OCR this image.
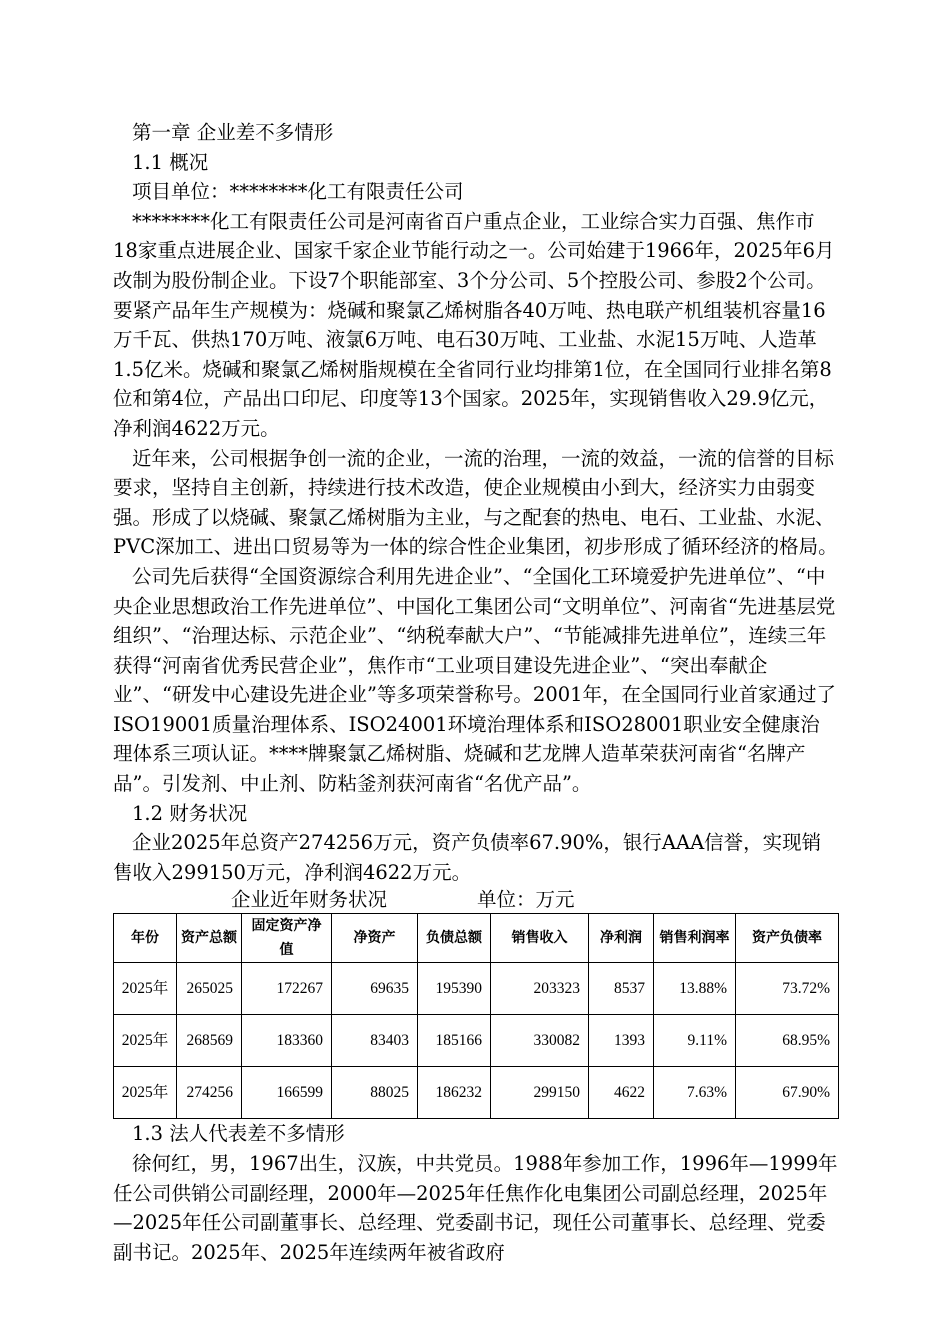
第一章 企业差不多情形

1.1 概况

项目单位：********化工有限责任公司

********化工有限责任公司是河南省百户重点企业，工业综合实力百强、焦作市18家重点进展企业、国家千家企业节能行动之一。公司始建于1966年，2025年6月改制为股份制企业。下设7个职能部室、3个分公司、5个控股公司、参股2个公司。要紧产品年生产规模为：烧碱和聚氯乙烯树脂各40万吨、热电联产机组装机容量16万千瓦、供热170万吨、液氯6万吨、电石30万吨、工业盐、水泥15万吨、人造革1.5亿米。烧碱和聚氯乙烯树脂规模在全省同行业均排第1位，在全国同行业排名第8位和第4位，产品出口印尼、印度等13个国家。2025年，实现销售收入29.9亿元，净利润4622万元。

近年来，公司根据争创一流的企业，一流的治理，一流的效益，一流的信誉的目标要求，坚持自主创新，持续进行技术改造，使企业规模由小到大，经济实力由弱变强。形成了以烧碱、聚氯乙烯树脂为主业，与之配套的热电、电石、工业盐、水泥、PVC深加工、进出口贸易等为一体的综合性企业集团，初步形成了循环经济的格局。

公司先后获得“全国资源综合利用先进企业”、“全国化工环境爱护先进单位”、“中央企业思想政治工作先进单位”、中国化工集团公司“文明单位”、河南省“先进基层党组织”、“治理达标、示范企业”、“纳税奉献大户”、“节能减排先进单位”，连续三年获得“河南省优秀民营企业”，焦作市“工业项目建设先进企业”、“突出奉献企业”、“研发中心建设先进企业”等多项荣誉称号。2001年，在全国同行业首家通过了ISO19001质量治理体系、ISO24001环境治理体系和ISO28001职业安全健康治理体系三项认证。****牌聚氯乙烯树脂、烧碱和艺龙牌人造革荣获河南省“名牌产品”。引发剂、中止剂、防粘釜剂获河南省“名优产品”。

1.2 财务状况

企业2025年总资产274256万元，资产负债率67.90%，银行AAA信誉，实现销售收入299150万元，净利润4622万元。

企业近年财务状况	单位：万元

年份	资产总额	固定资产净值	净资产	负债总额	销售收入	净利润	销售利润率	资产负债率
2025年	265025	172267	69635	195390	203323	8537	13.88%	73.72%
2025年	268569	183360	83403	185166	330082	1393	9.11%	68.95%
2025年	274256	166599	88025	186232	299150	4622	7.63%	67.90%

1.3 法人代表差不多情形

徐何红，男，1967出生，汉族，中共党员。1988年参加工作，1996年—1999年任公司供销公司副经理，2000年—2025年任焦作化电集团公司副总经理，2025年—2025年任公司副董事长、总经理、党委副书记，现任公司董事长、总经理、党委副书记。2025年、2025年连续两年被省政府
